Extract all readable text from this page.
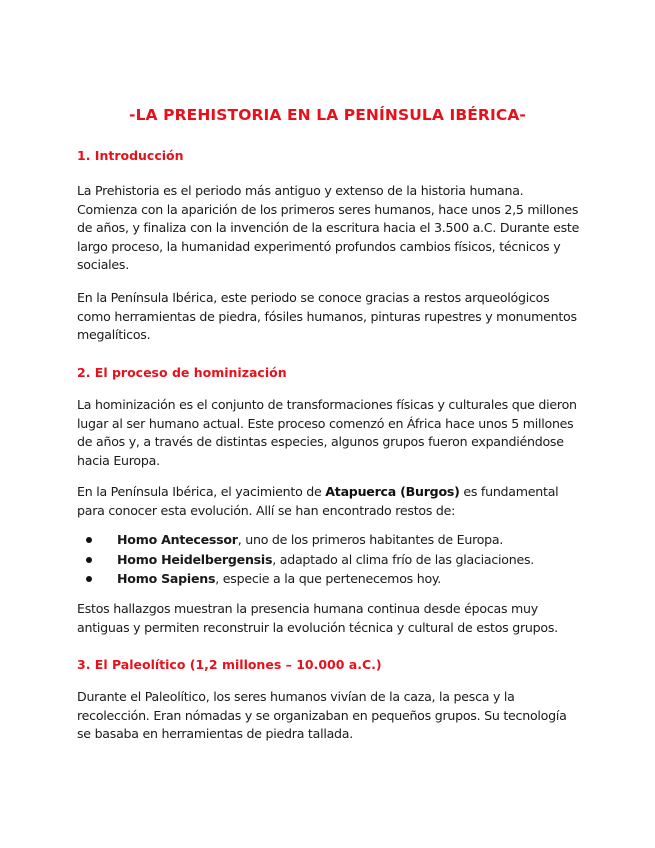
-LA PREHISTORIA EN LA PENÍNSULA IBÉRICA-
1. Introducción

La Prehistoria es el periodo más antiguo y extenso de la historia humana. Comienza con la aparición de los primeros seres humanos, hace unos 2,5 millones de años, y finaliza con la invención de la escritura hacia el 3.500 a.C. Durante este largo proceso, la humanidad experimentó profundos cambios físicos, técnicos y sociales.

En la Península Ibérica, este periodo se conoce gracias a restos arqueológicos como herramientas de piedra, fósiles humanos, pinturas rupestres y monumentos megalíticos.

2. El proceso de hominización

La hominización es el conjunto de transformaciones físicas y culturales que dieron lugar al ser humano actual. Este proceso comenzó en África hace unos 5 millones de años y, a través de distintas especies, algunos grupos fueron expandiéndose hacia Europa.

En la Península Ibérica, el yacimiento de Atapuerca (Burgos) es fundamental para conocer esta evolución. Allí se han encontrado restos de:

Homo Antecessor, uno de los primeros habitantes de Europa.
Homo Heidelbergensis, adaptado al clima frío de las glaciaciones.
Homo Sapiens, especie a la que pertenecemos hoy.

Estos hallazgos muestran la presencia humana continua desde épocas muy antiguas y permiten reconstruir la evolución técnica y cultural de estos grupos.

3. El Paleolítico (1,2 millones – 10.000 a.C.)

Durante el Paleolítico, los seres humanos vivían de la caza, la pesca y la recolección. Eran nómadas y se organizaban en pequeños grupos. Su tecnología se basaba en herramientas de piedra tallada.
